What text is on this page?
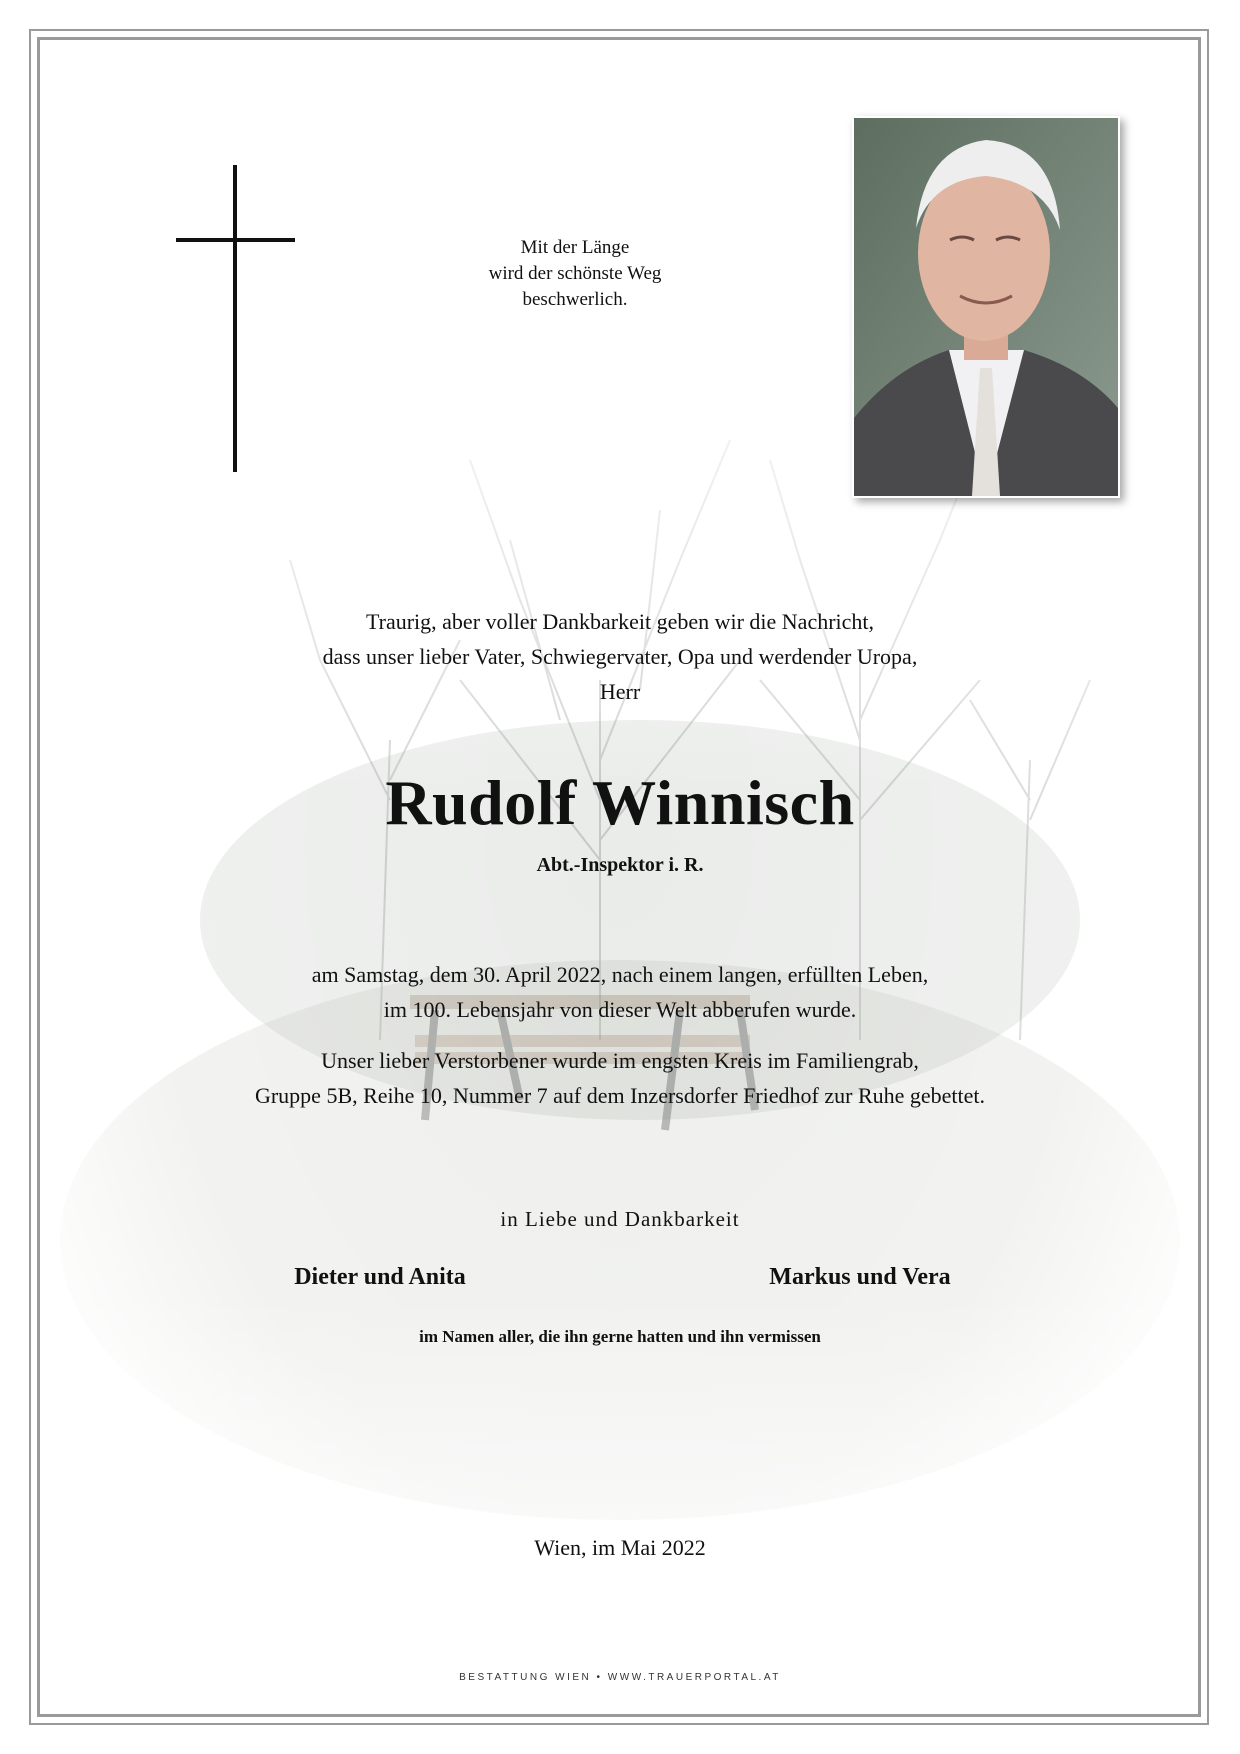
Mit der Länge
wird der schönste Weg
beschwerlich.
Traurig, aber voller Dankbarkeit geben wir die Nachricht,
dass unser lieber Vater, Schwiegervater, Opa und werdender Uropa,
Herr
Rudolf Winnisch
Abt.-Inspektor i. R.
am Samstag, dem 30. April 2022, nach einem langen, erfüllten Leben,
im 100. Lebensjahr von dieser Welt abberufen wurde.
Unser lieber Verstorbener wurde im engsten Kreis im Familiengrab,
Gruppe 5B, Reihe 10, Nummer 7 auf dem Inzersdorfer Friedhof zur Ruhe gebettet.
in Liebe und Dankbarkeit
Dieter und Anita	Markus und Vera
im Namen aller, die ihn gerne hatten und ihn vermissen
Wien, im Mai 2022
BESTATTUNG WIEN • WWW.TRAUERPORTAL.AT
